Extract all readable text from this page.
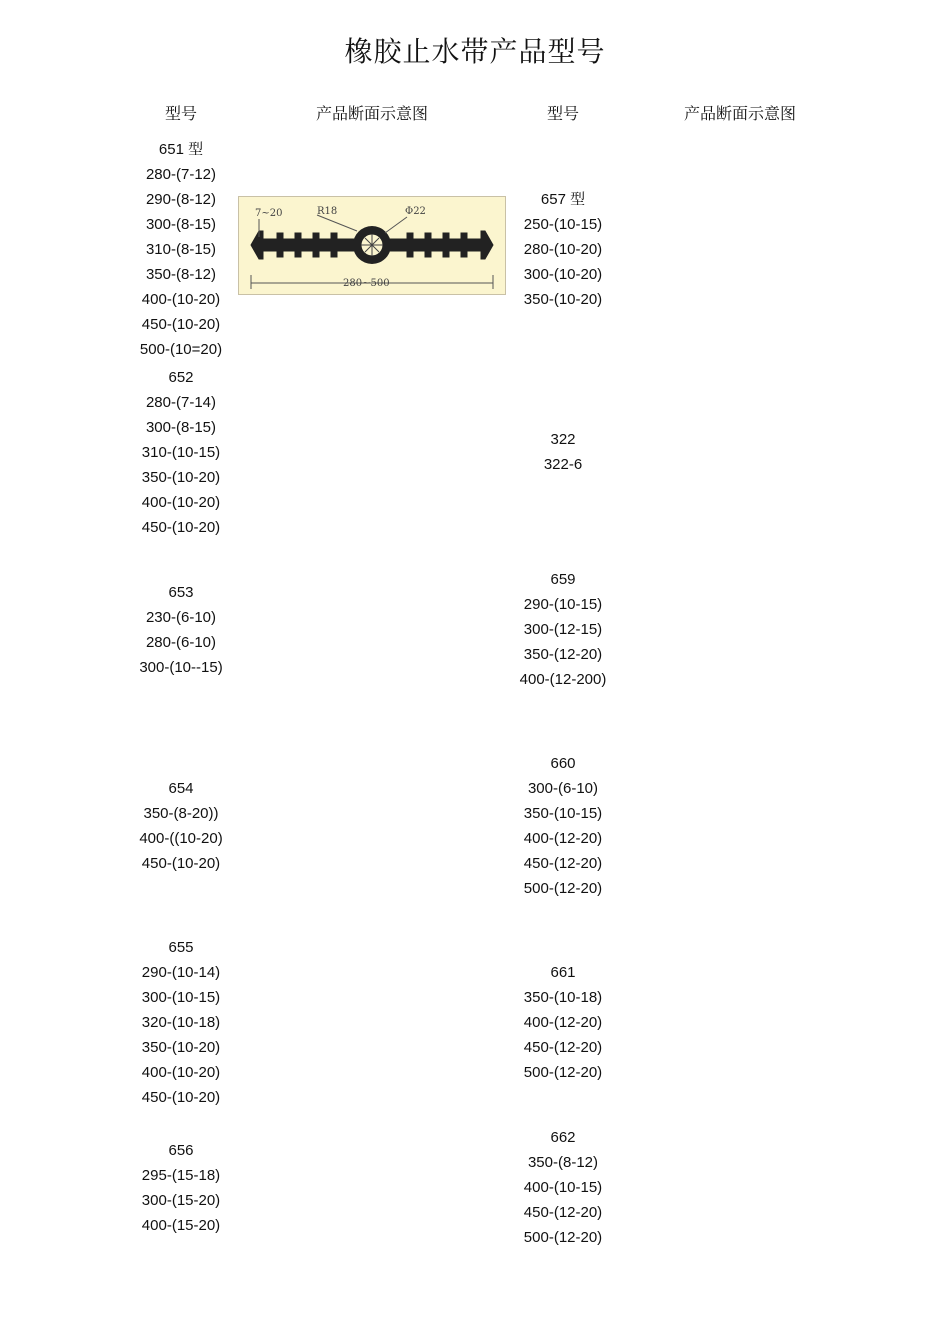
橡胶止水带产品型号
型号	产品断面示意图	型号	产品断面示意图
7~20	R18	Φ22
280~500
651 型
280-(7-12)
290-(8-12)
300-(8-15)
310-(8-15)
350-(8-12)
400-(10-20)
450-(10-20)
500-(10=20)
652
280-(7-14)
300-(8-15)
310-(10-15)
350-(10-20)
400-(10-20)
450-(10-20)
653
230-(6-10)
280-(6-10)
300-(10--15)
654
350-(8-20))
400-((10-20)
450-(10-20)
655
290-(10-14)
300-(10-15)
320-(10-18)
350-(10-20)
400-(10-20)
450-(10-20)
656
295-(15-18)
300-(15-20)
400-(15-20)
657 型
250-(10-15)
280-(10-20)
300-(10-20)
350-(10-20)
322
322-6
659
290-(10-15)
300-(12-15)
350-(12-20)
400-(12-200)
660
300-(6-10)
350-(10-15)
400-(12-20)
450-(12-20)
500-(12-20)
661
350-(10-18)
400-(12-20)
450-(12-20)
500-(12-20)
662
350-(8-12)
400-(10-15)
450-(12-20)
500-(12-20)
